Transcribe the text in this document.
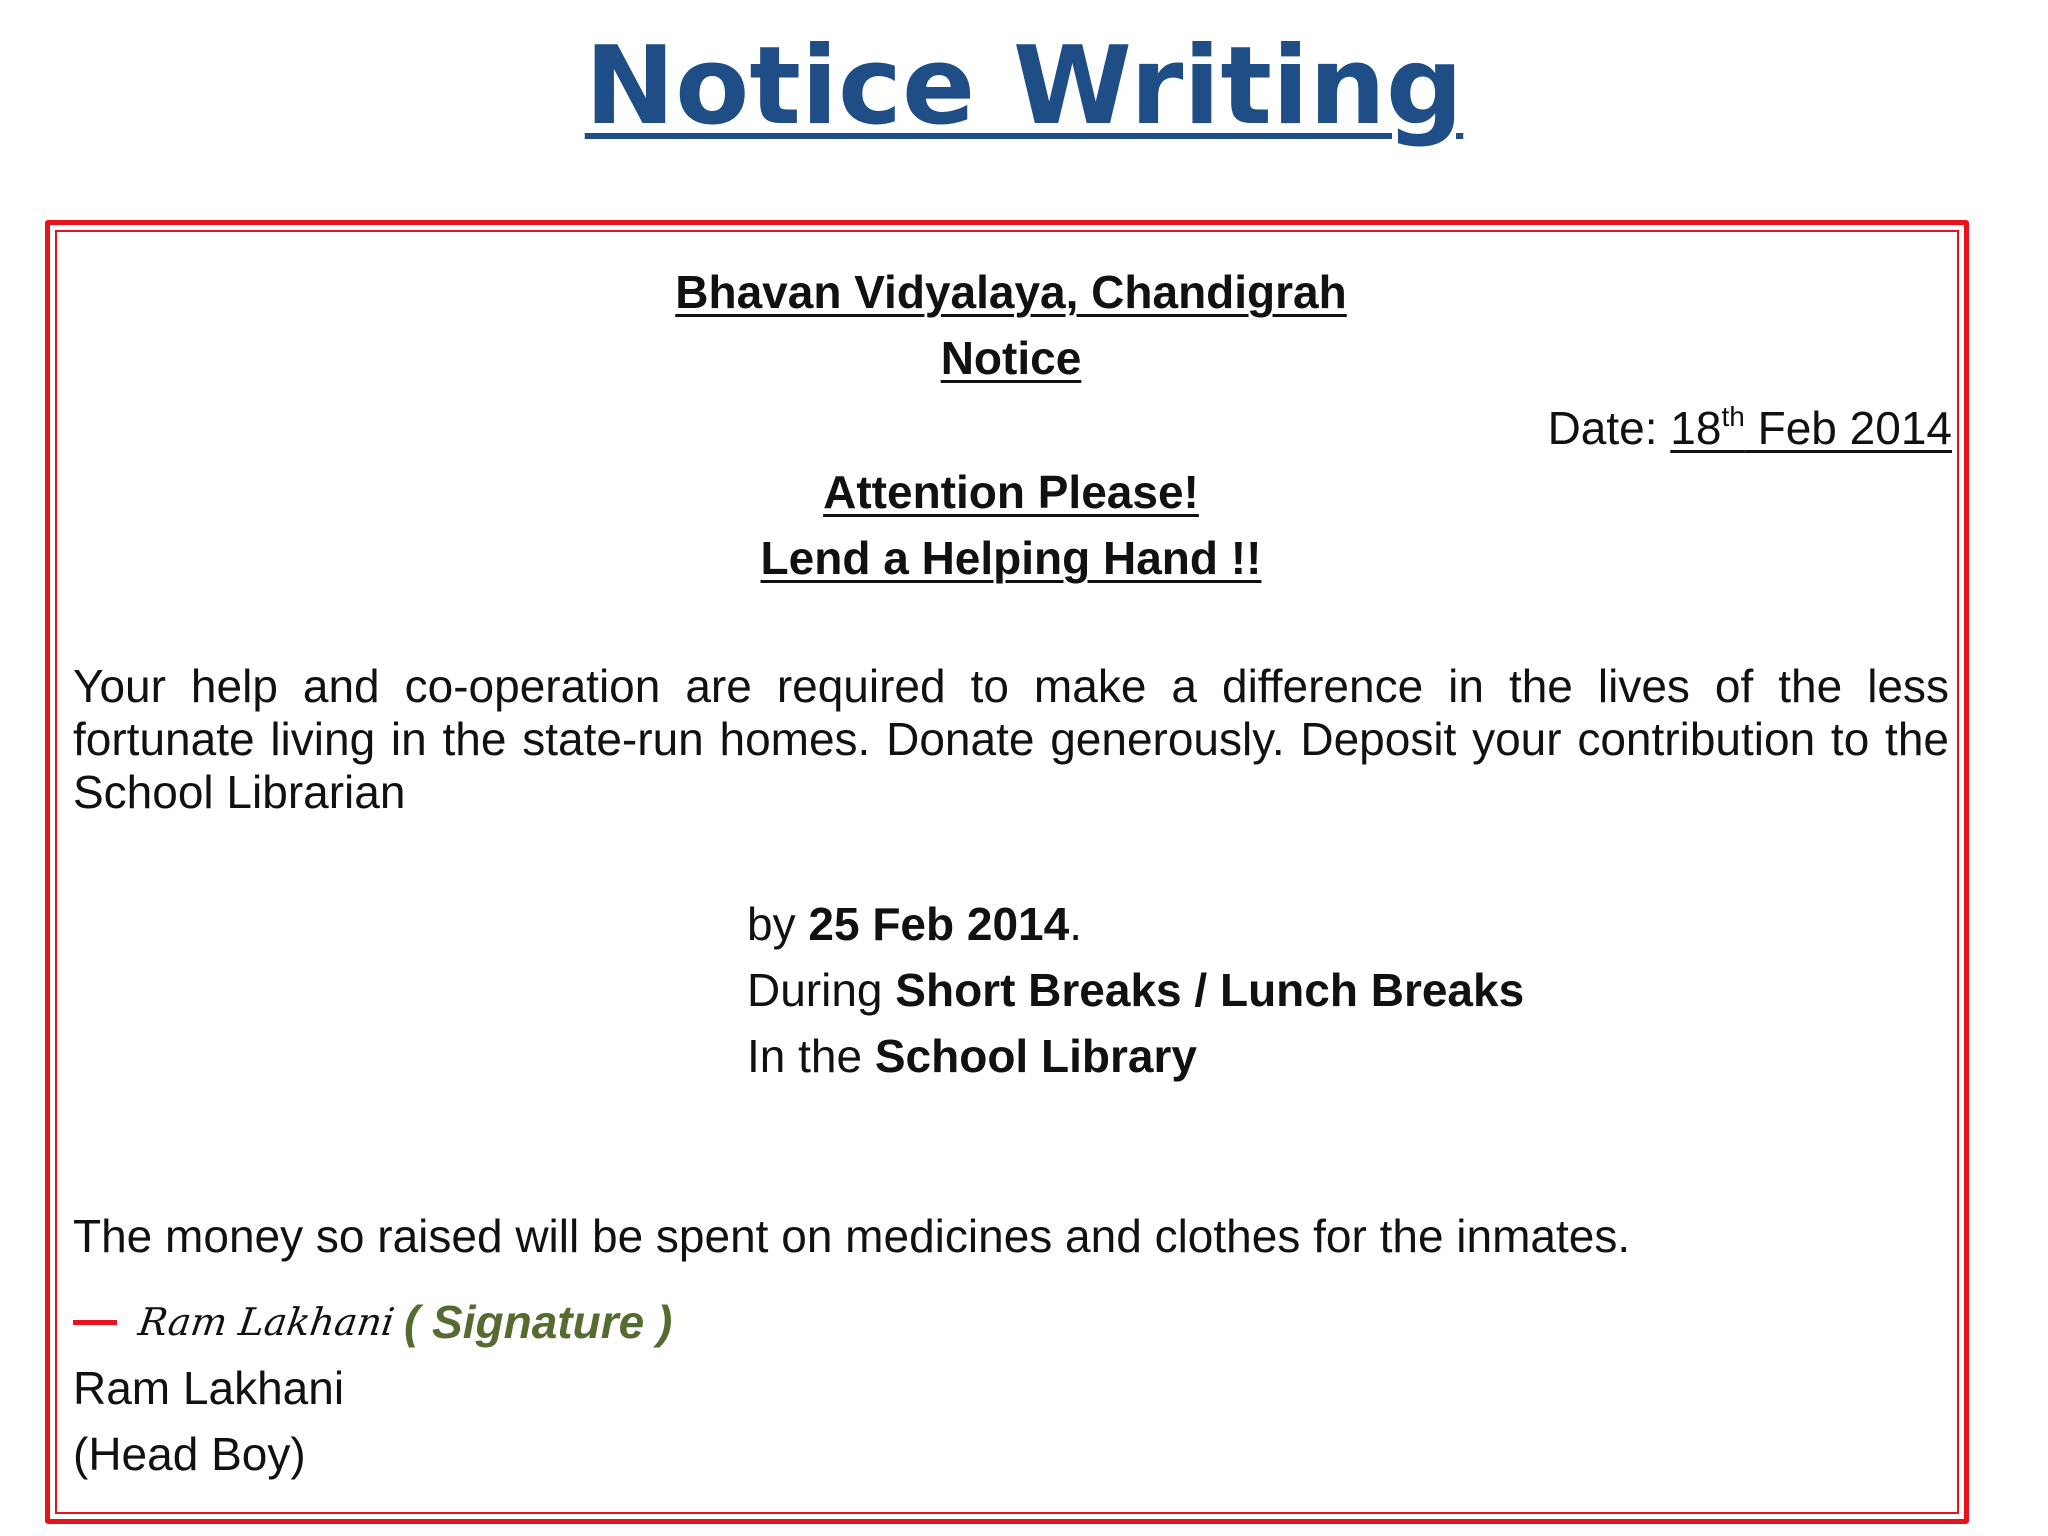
Notice Writing

Bhavan Vidyalaya, Chandigrah

Notice

Date: 18th Feb 2014

Attention Please!

Lend a Helping Hand !!

Your help and co-operation are required to make a difference in the lives of the less fortunate living in the state-run homes. Donate generously. Deposit your contribution to the School Librarian

by 25 Feb 2014.
During Short Breaks / Lunch Breaks
In the School Library

The money so raised will be spent on medicines and clothes for the inmates.

Ram Lakhani ( Signature )
Ram Lakhani
(Head Boy)
